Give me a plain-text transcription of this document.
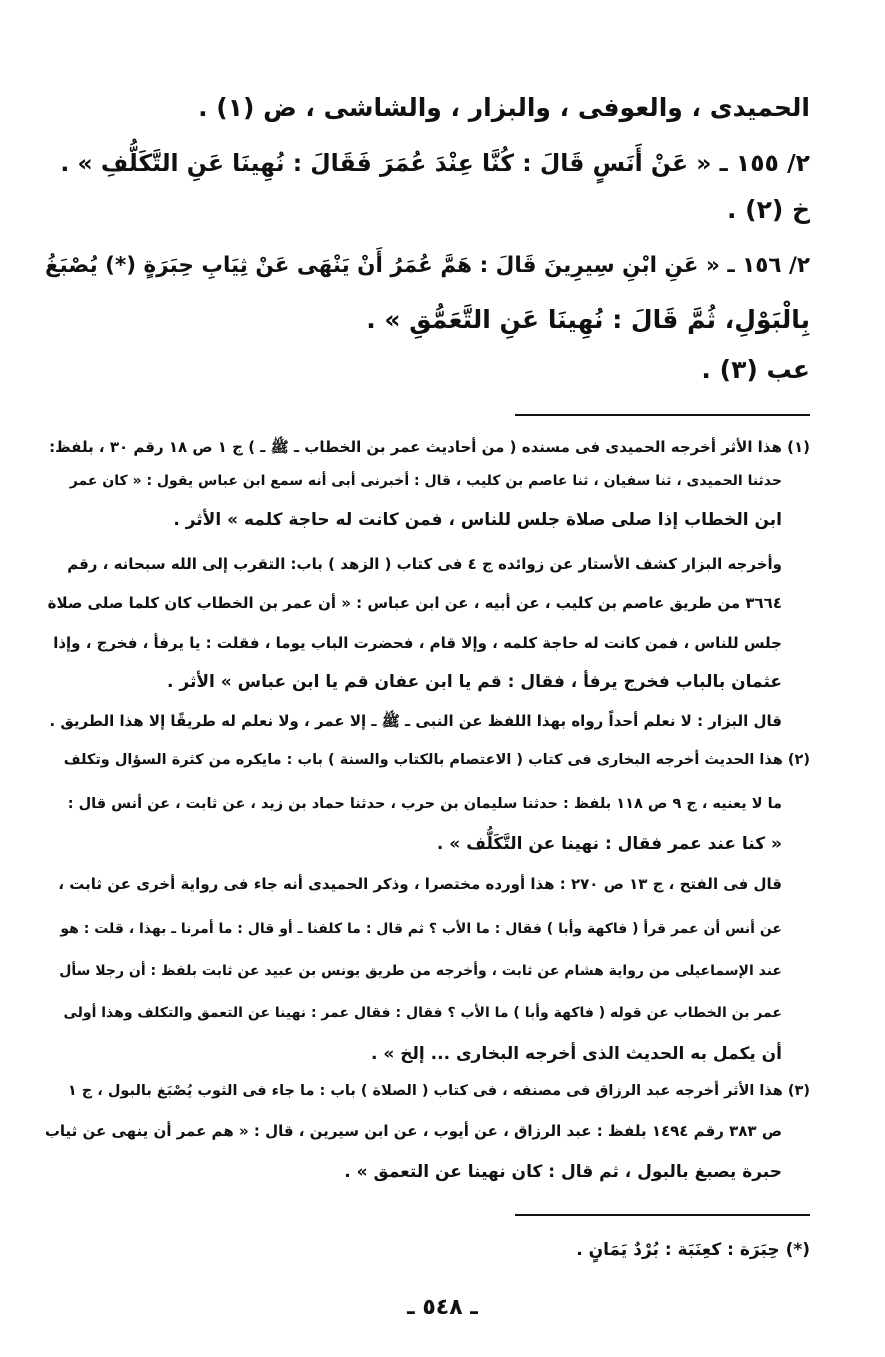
الحميدى ، والعوفى ، والبزار ، والشاشى ، ض (١) .
٢/ ١٥٥ ـ « عَنْ أَنَسٍ قَالَ : كُنَّا عِنْدَ عُمَرَ فَقَالَ : نُهِينَا عَنِ التَّكَلُّفِ » .
خ (٢) .
٢/ ١٥٦ ـ « عَنِ ابْنِ سِيرِينَ قَالَ : هَمَّ عُمَرُ أَنْ يَنْهَى عَنْ ثِيَابِ حِبَرَةٍ (*) يُصْبَغُ
بِالْبَوْلِ، ثُمَّ قَالَ : نُهِينَا عَنِ التَّعَمُّقِ » .
عب (٣) .
(١) هذا الأثر أخرجه الحميدى فى مسنده ( من أحاديث عمر بن الخطاب ـ ﷺ ـ ) ج ١ ص ١٨ رقم ٣٠ ، بلفظ:
حدثنا الحميدى ، ثنا سفيان ، ثنا عاصم بن كليب ، قال : أخبرنى أبى أنه سمع ابن عباس يقول : « كان عمر
ابن الخطاب إذا صلى صلاة جلس للناس ، فمن كانت له حاجة كلمه » الأثر .
وأخرجه البزار كشف الأستار عن زوائده ج ٤ فى كتاب ( الزهد ) باب: التقرب إلى الله سبحانه ، رقم
٣٦٦٤ من طريق عاصم بن كليب ، عن أبيه ، عن ابن عباس : « أن عمر بن الخطاب كان كلما صلى صلاة
جلس للناس ، فمن كانت له حاجة كلمه ، وإلا قام ، فحضرت الباب يوما ، فقلت : يا يرفأ ، فخرج ، وإذا
عثمان بالباب فخرج يرفأ ، فقال : قم يا ابن عفان قم يا ابن عباس » الأثر .
قال البزار : لا نعلم أحداً رواه بهذا اللفظ عن النبى ـ ﷺ ـ إلا عمر ، ولا نعلم له طريقًا إلا هذا الطريق .
(٢) هذا الحديث أخرجه البخارى فى كتاب ( الاعتصام بالكتاب والسنة ) باب : مايكره من كثرة السؤال وتكلف
ما لا يعنيه ، ج ٩ ص ١١٨ بلفظ : حدثنا سليمان بن حرب ، حدثنا حماد بن زيد ، عن ثابت ، عن أنس قال :
« كنا عند عمر فقال : نهينا عن التَّكَلُّف » .
قال فى الفتح ، ج ١٣ ص ٢٧٠ : هذا أورده مختصرا ، وذكر الحميدى أنه جاء فى رواية أخرى عن ثابت ،
عن أنس أن عمر قرأ ( فاكهة وأبا ) فقال : ما الأب ؟ ثم قال : ما كلفنا ـ أو قال : ما أمرنا ـ بهذا ، قلت : هو
عند الإسماعيلى من رواية هشام عن ثابت ، وأخرجه من طريق يونس بن عبيد عن ثابت بلفظ : أن رجلا سأل
عمر بن الخطاب عن قوله ( فاكهة وأبا ) ما الأب ؟ فقال : فقال عمر : نهينا عن التعمق والتكلف وهذا أولى
أن يكمل به الحديث الذى أخرجه البخارى ... إلخ » .
(٣) هذا الأثر أخرجه عبد الرزاق فى مصنفه ، فى كتاب ( الصلاة ) باب : ما جاء فى الثوب يُصْبَغ بالبول ، ج ١
ص ٣٨٣ رقم ١٤٩٤ بلفظ : عبد الرزاق ، عن أيوب ، عن ابن سيرين ، قال : « هم عمر أن ينهى عن ثياب
حبرة يصبغ بالبول ، ثم قال : كان نهينا عن التعمق » .
(*) حِبَرَة : كعِنَبَة : بُرْدٌ يَمَانٍ .
ـ ٥٤٨ ـ
